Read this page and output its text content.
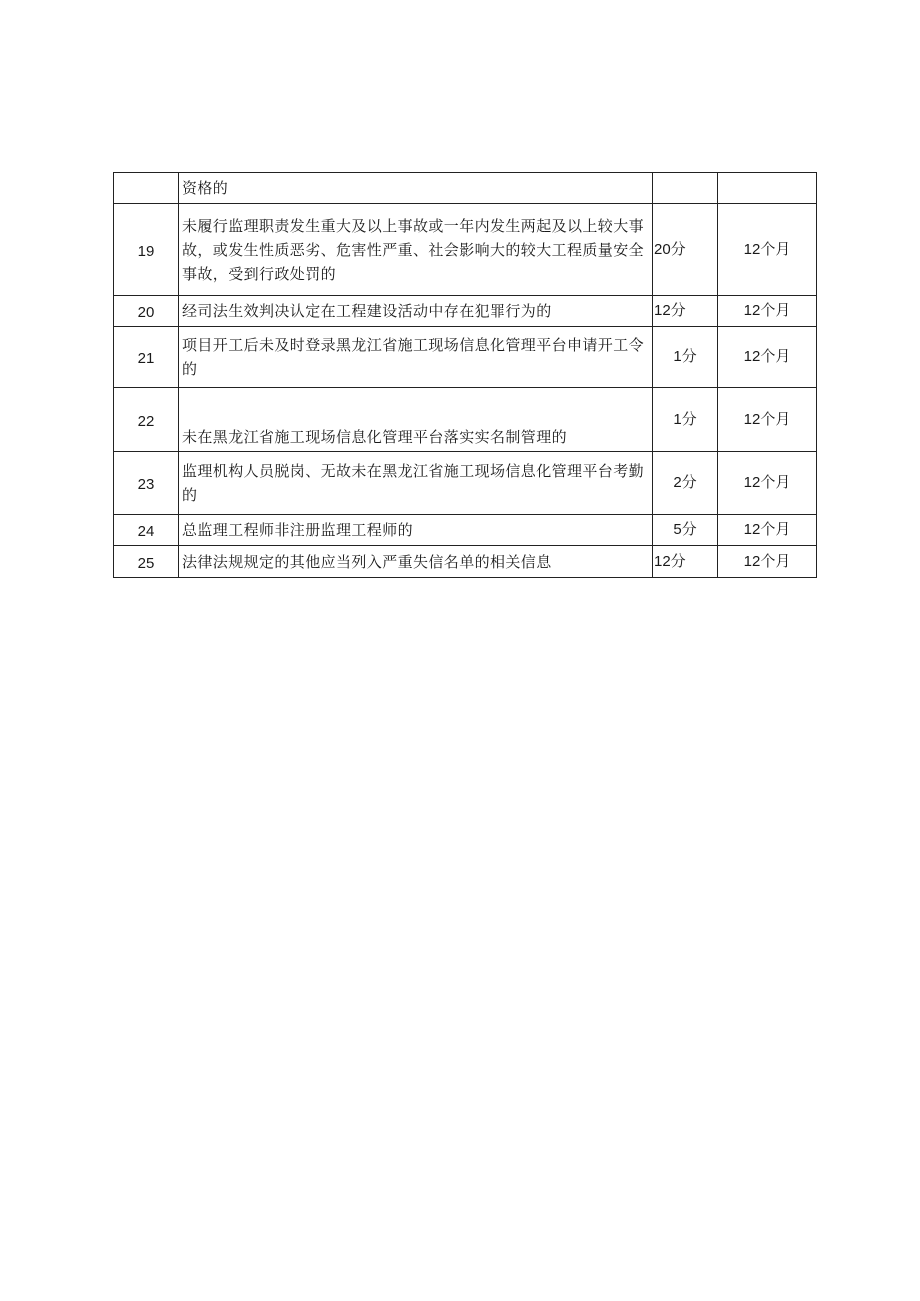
	资格的		
19	未履行监理职责发生重大及以上事故或一年内发生两起及以上较大事故，或发生性质恶劣、危害性严重、社会影响大的较大工程质量安全事故，受到行政处罚的	20分	12个月
20	经司法生效判决认定在工程建设活动中存在犯罪行为的	12分	12个月
21	项目开工后未及时登录黑龙江省施工现场信息化管理平台申请开工令的	1分	12个月
22	未在黑龙江省施工现场信息化管理平台落实实名制管理的	1分	12个月
23	监理机构人员脱岗、无故未在黑龙江省施工现场信息化管理平台考勤的	2分	12个月
24	总监理工程师非注册监理工程师的	5分	12个月
25	法律法规规定的其他应当列入严重失信名单的相关信息	12分	12个月
